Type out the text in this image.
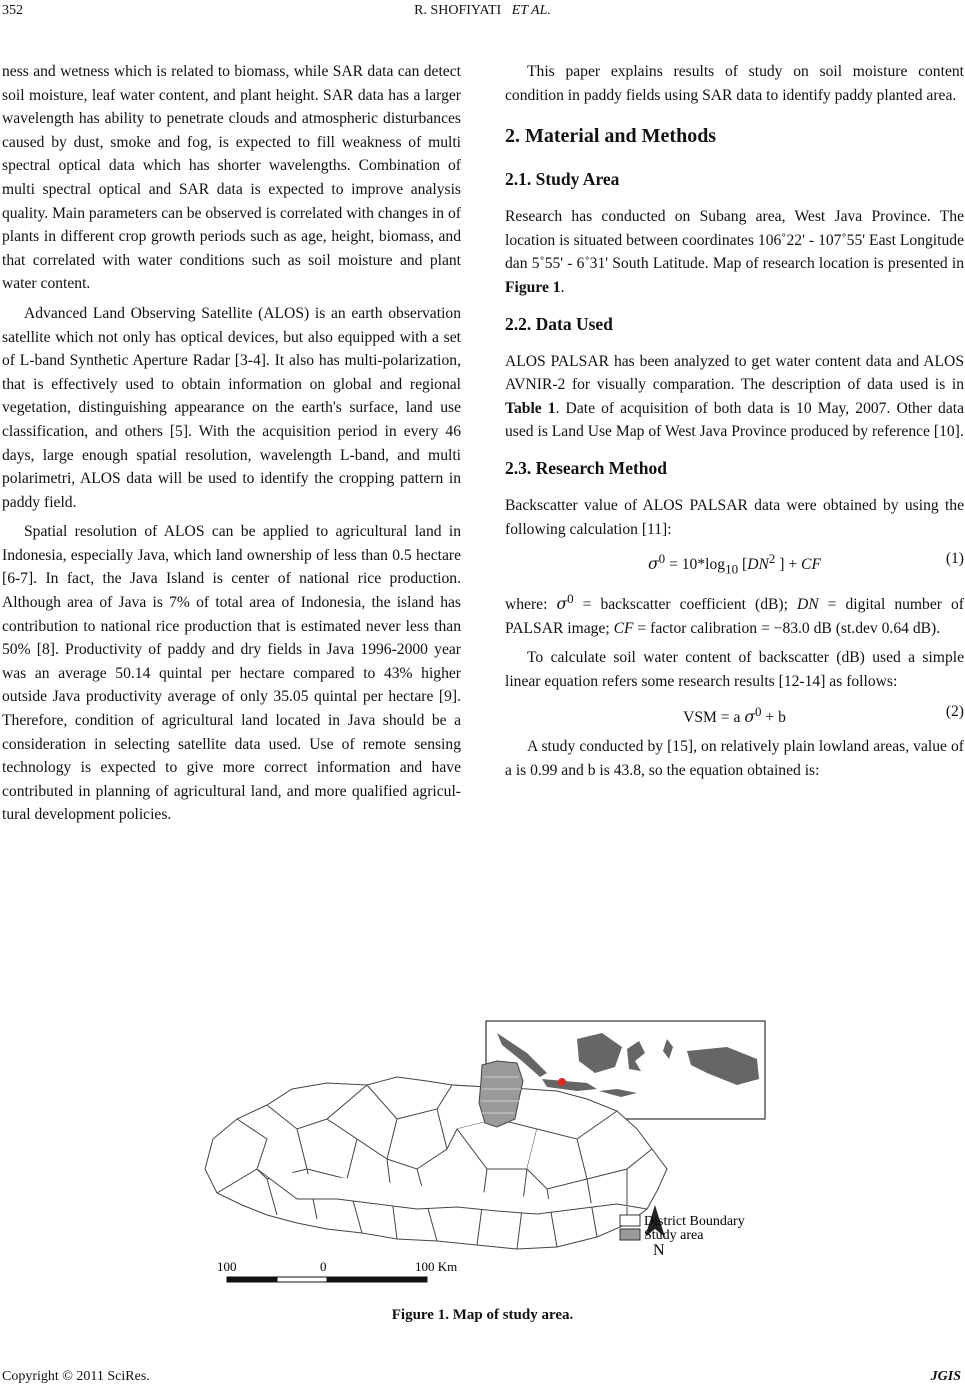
352	R. SHOFIYATI ET AL.

ness and wetness which is related to biomass, while SAR data can detect soil moisture, leaf water content, and plant height. SAR data has a larger wavelength has ability to penetrate clouds and atmospheric disturbances caused by dust, smoke and fog, is expected to fill weakness of multi spectral optical data which has shorter wavelengths. Combination of multi spectral optical and SAR data is expected to improve analysis quality. Main parameters can be observed is correlated with changes in of plants in different crop growth periods such as age, height, biomass, and that correlated with water conditions such as soil moisture and plant water content.

Advanced Land Observing Satellite (ALOS) is an earth observation satellite which not only has optical devices, but also equipped with a set of L-band Synthetic Aperture Radar [3-4]. It also has multi-polarization, that is effectively used to obtain information on global and regional vegetation, distinguishing appearance on the earth's surface, land use classification, and others [5]. With the acquisition period in every 46 days, large enough spatial resolution, wavelength L-band, and multi polarimetri, ALOS data will be used to identify the cropping pattern in paddy field.

Spatial resolution of ALOS can be applied to agricultural land in Indonesia, especially Java, which land ownership of less than 0.5 hectare [6-7]. In fact, the Java Island is center of national rice production. Although area of Java is 7% of total area of Indonesia, the island has contribution to national rice production that is estimated never less than 50% [8]. Productivity of paddy and dry fields in Java 1996-2000 year was an average 50.14 quintal per hectare compared to 43% higher outside Java productivity average of only 35.05 quintal per hectare [9]. Therefore, condition of agricultural land located in Java should be a consideration in selecting satellite data used. Use of remote sensing technology is expected to give more correct information and have contributed in planning of agricultural land, and more qualified agricul-tural development policies.

This paper explains results of study on soil moisture content condition in paddy fields using SAR data to identify paddy planted area.

2. Material and Methods
2.1. Study Area

Research has conducted on Subang area, West Java Province. The location is situated between coordinates 106˚22' - 107˚55' East Longitude dan 5˚55' - 6˚31' South Latitude. Map of research location is presented in Figure 1.

2.2. Data Used

ALOS PALSAR has been analyzed to get water content data and ALOS AVNIR-2 for visually comparation. The description of data used is in Table 1. Date of acquisition of both data is 10 May, 2007. Other data used is Land Use Map of West Java Province produced by reference [10].

2.3. Research Method

Backscatter value of ALOS PALSAR data were obtained by using the following calculation [11]:

$\sigma^0 = 10*\log_{10}$ [$DN^2$ ] + CF	(1)

where: $\sigma^0$ = backscatter coefficient (dB); DN = digital number of PALSAR image; CF = factor calibration = −83.0 dB (st.dev 0.64 dB).

To calculate soil water content of backscatter (dB) used a simple linear equation refers some research results [12-14] as follows:

VSM = a $\sigma^0 + b$	(2)

A study conducted by [15], on relatively plain lowland areas, value of a is 0.99 and b is 43.8, so the equation obtained is:

N
District Boundary
Study area
100	0	100 Km
Figure 1. Map of study area.
Copyright © 2011 SciRes.	JGIS
